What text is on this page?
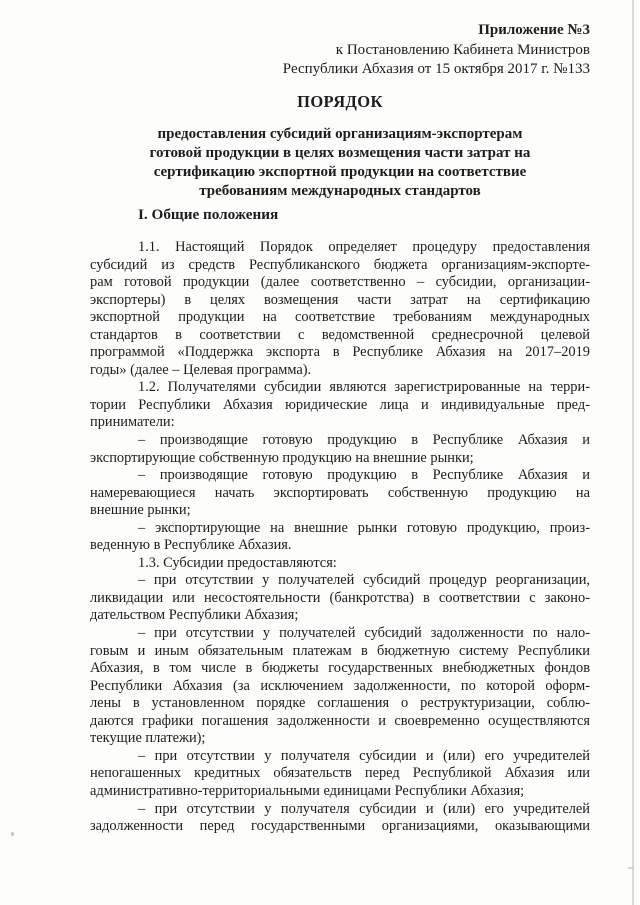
Приложение №3
к Постановлению Кабинета Министров
Республики Абхазия от 15 октября 2017 г. №133
ПОРЯДОК
предоставления субсидий организациям-экспортерам
готовой продукции в целях возмещения части затрат на
сертификацию экспортной продукции на соответствие
требованиям международных стандартов
I. Общие положения
1.1. Настоящий Порядок определяет процедуру предоставления
субсидий из средств Республиканского бюджета организациям-экспорте-
рам готовой продукции (далее соответственно – субсидии, организации-
экспортеры) в целях возмещения части затрат на сертификацию
экспортной продукции на соответствие требованиям международных
стандартов в соответствии с ведомственной среднесрочной целевой
программой «Поддержка экспорта в Республике Абхазия на 2017–2019
годы» (далее – Целевая программа).
1.2. Получателями субсидии являются зарегистрированные на терри-
тории Республики Абхазия юридические лица и индивидуальные пред-
приниматели:
– производящие готовую продукцию в Республике Абхазия и
экспортирующие собственную продукцию на внешние рынки;
– производящие готовую продукцию в Республике Абхазия и
намеревающиеся начать экспортировать собственную продукцию на
внешние рынки;
– экспортирующие на внешние рынки готовую продукцию, произ-
веденную в Республике Абхазия.
1.3. Субсидии предоставляются:
– при отсутствии у получателей субсидий процедур реорганизации,
ликвидации или несостоятельности (банкротства) в соответствии с законо-
дательством Республики Абхазия;
– при отсутствии у получателей субсидий задолженности по нало-
говым и иным обязательным платежам в бюджетную систему Республики
Абхазия, в том числе в бюджеты государственных внебюджетных фондов
Республики Абхазия (за исключением задолженности, по которой оформ-
лены в установленном порядке соглашения о реструктуризации, соблю-
даются графики погашения задолженности и своевременно осуществляются
текущие платежи);
– при отсутствии у получателя субсидии и (или) его учредителей
непогашенных кредитных обязательств перед Республикой Абхазия или
административно-территориальными единицами Республики Абхазия;
– при отсутствии у получателя субсидии и (или) его учредителей
задолженности перед государственными организациями, оказывающими
